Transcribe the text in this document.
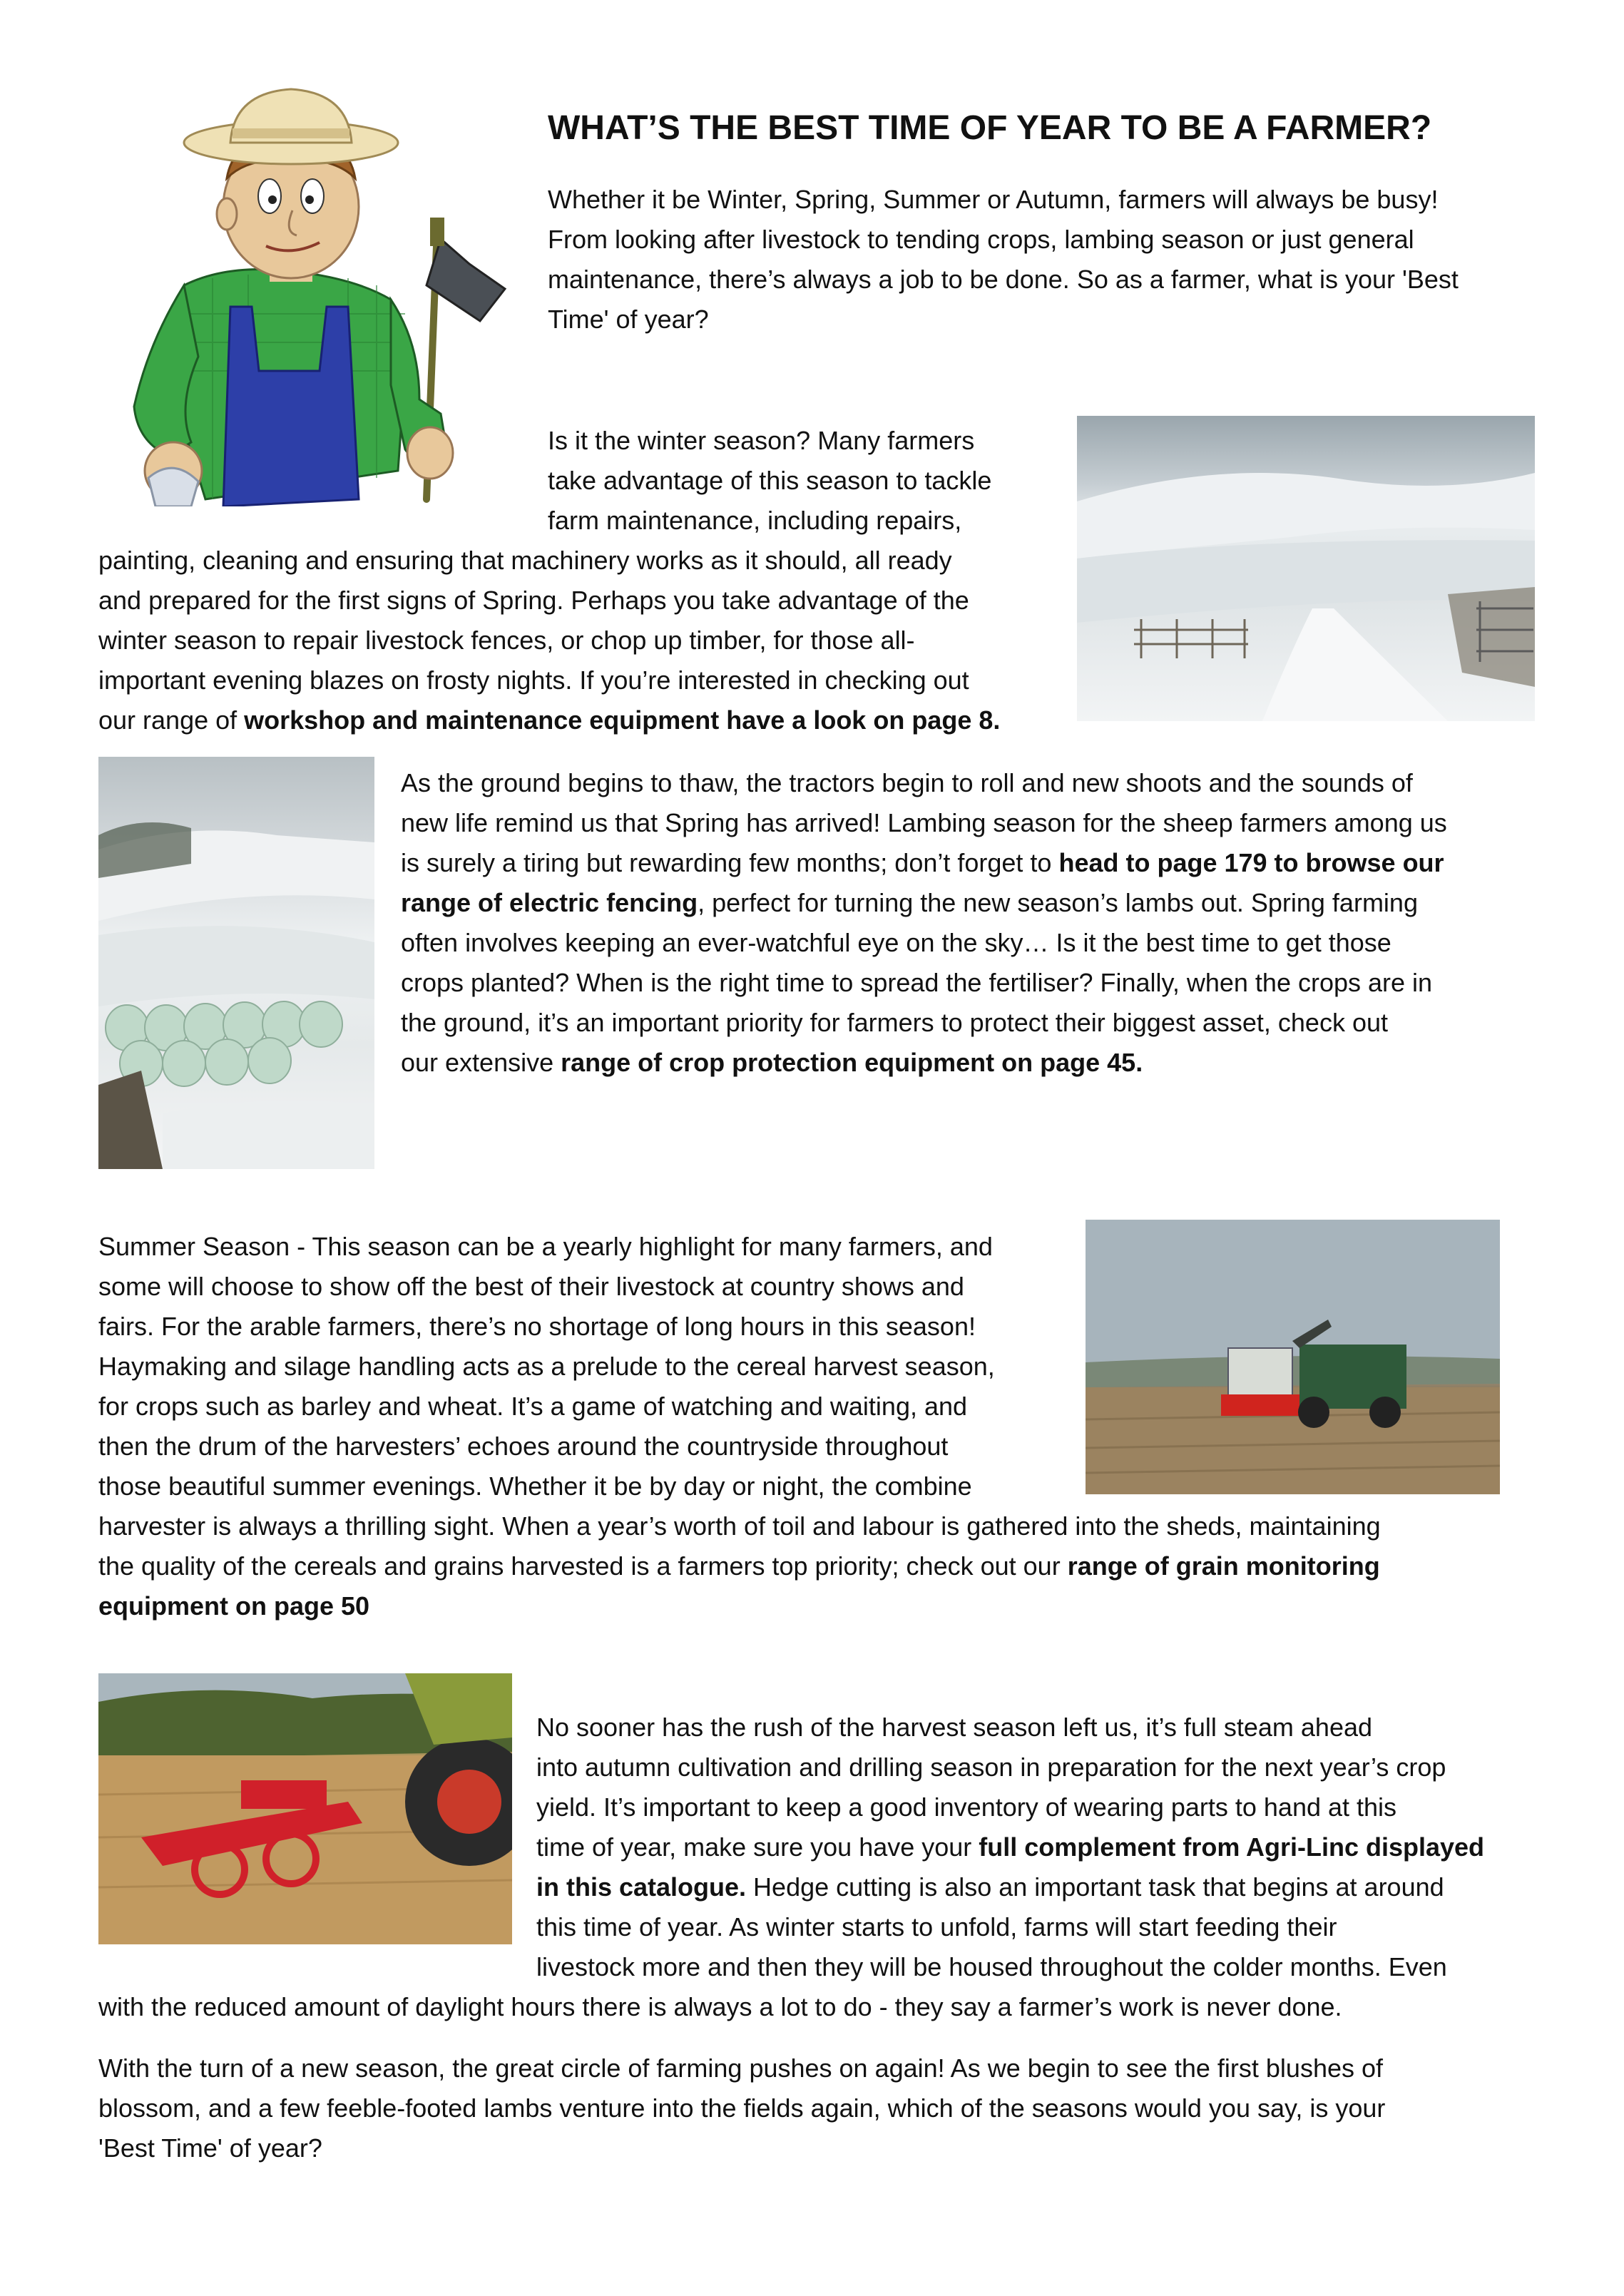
WHAT’S THE BEST TIME OF YEAR TO BE A FARMER?
Whether it be Winter, Spring, Summer or Autumn, farmers will always be busy!
From looking after livestock to tending crops, lambing season or just general
maintenance, there’s always a job to be done. So as a farmer, what is your 'Best
Time' of year?
Is it the winter season? Many farmers
take advantage of this season to tackle
farm maintenance, including repairs,
painting, cleaning and ensuring that machinery works as it should, all ready
and prepared for the first signs of Spring. Perhaps you take advantage of the
winter season to repair livestock fences, or chop up timber, for those all-
important evening blazes on frosty nights. If you’re interested in checking out
our range of workshop and maintenance equipment have a look on page 8.
As the ground begins to thaw, the tractors begin to roll and new shoots and the sounds of
new life remind us that Spring has arrived! Lambing season for the sheep farmers among us
is surely a tiring but rewarding few months; don’t forget to head to page 179 to browse our
range of electric fencing, perfect for turning the new season’s lambs out. Spring farming
often involves keeping an ever-watchful eye on the sky… Is it the best time to get those
crops planted? When is the right time to spread the fertiliser? Finally, when the crops are in
the ground, it’s an important priority for farmers to protect their biggest asset, check out
our extensive range of crop protection equipment on page 45.
Summer Season - This season can be a yearly highlight for many farmers, and
some will choose to show off the best of their livestock at country shows and
fairs. For the arable farmers, there’s no shortage of long hours in this season!
Haymaking and silage handling acts as a prelude to the cereal harvest season,
for crops such as barley and wheat. It’s a game of watching and waiting, and
then the drum of the harvesters’ echoes around the countryside throughout
those beautiful summer evenings. Whether it be by day or night, the combine
harvester is always a thrilling sight. When a year’s worth of toil and labour is gathered into the sheds, maintaining
the quality of the cereals and grains harvested is a farmers top priority; check out our range of grain monitoring
equipment on page 50
No sooner has the rush of the harvest season left us, it’s full steam ahead
into autumn cultivation and drilling season in preparation for the next year’s crop
yield. It’s important to keep a good inventory of wearing parts to hand at this
time of year, make sure you have your full complement from Agri-Linc displayed
in this catalogue. Hedge cutting is also an important task that begins at around
this time of year. As winter starts to unfold, farms will start feeding their
livestock more and then they will be housed throughout the colder months. Even
with the reduced amount of daylight hours there is always a lot to do - they say a farmer’s work is never done.
With the turn of a new season, the great circle of farming pushes on again! As we begin to see the first blushes of
blossom, and a few feeble-footed lambs venture into the fields again, which of the seasons would you say, is your
'Best Time' of year?
